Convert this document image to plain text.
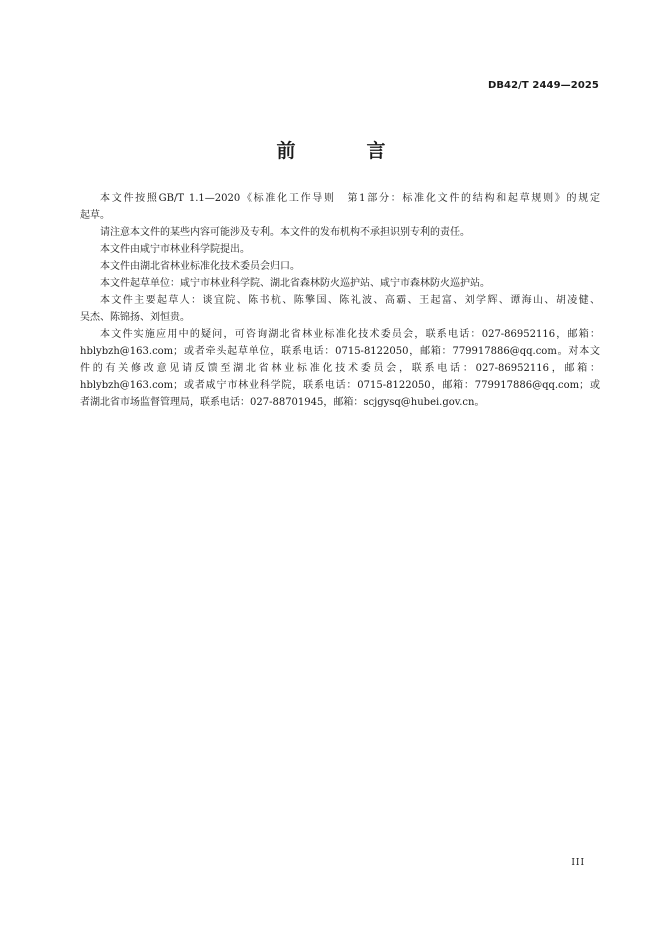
DB42/T 2449—2025
前　言

本文件按照GB/T 1.1—2020《标准化工作导则　第1部分：标准化文件的结构和起草规则》的规定
起草。

请注意本文件的某些内容可能涉及专利。本文件的发布机构不承担识别专利的责任。

本文件由咸宁市林业科学院提出。

本文件由湖北省林业标准化技术委员会归口。

本文件起草单位：咸宁市林业科学院、湖北省森林防火巡护站、咸宁市森林防火巡护站。

本文件主要起草人：谈宜院、陈书杭、陈擎国、陈礼波、高霸、王起富、刘学辉、谭海山、胡凌健、
吴杰、陈锦扬、刘恒贵。

本文件实施应用中的疑问，可咨询湖北省林业标准化技术委员会，联系电话：027-86952116，邮箱：
hblybzh@163.com；或者牵头起草单位，联系电话：0715-8122050，邮箱：779917886@qq.com。对本文
件的有关修改意见请反馈至湖北省林业标准化技术委员会，联系电话：027-86952116，邮箱：
hblybzh@163.com；或者咸宁市林业科学院，联系电话：0715-8122050，邮箱：779917886@qq.com；或
者湖北省市场监督管理局，联系电话：027-88701945，邮箱：scjgysq@hubei.gov.cn。

III
